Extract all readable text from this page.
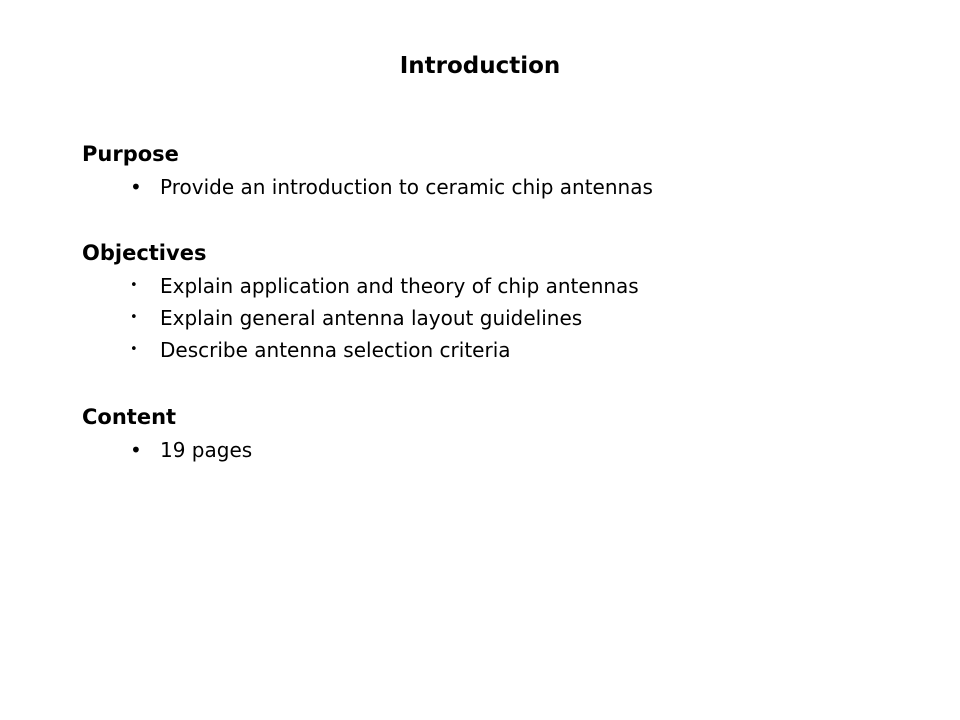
Introduction

Purpose

• Provide an introduction to ceramic chip antennas

Objectives

•	Explain application and theory of chip antennas
•	Explain general antenna layout guidelines
•	Describe antenna selection criteria

Content

• 19 pages
